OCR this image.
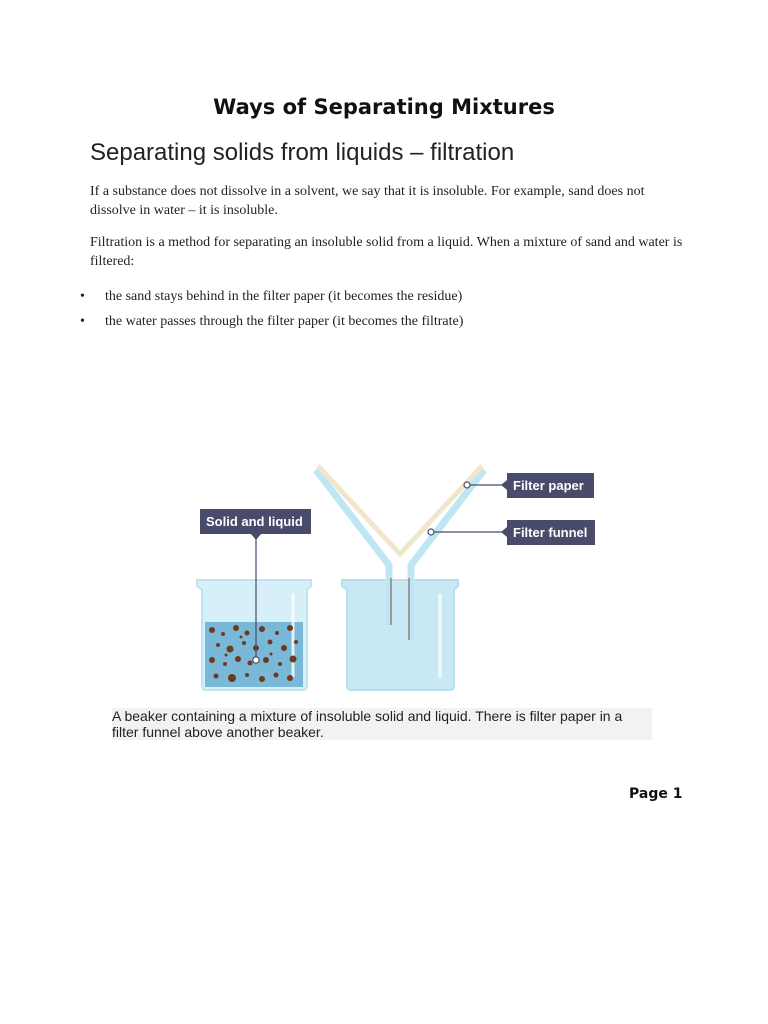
Ways of Separating Mixtures
Separating solids from liquids – filtration

If a substance does not dissolve in a solvent, we say that it is insoluble. For example, sand does not dissolve in water – it is insoluble.

Filtration is a method for separating an insoluble solid from a liquid. When a mixture of sand and water is filtered:

• the sand stays behind in the filter paper (it becomes the residue)
• the water passes through the filter paper (it becomes the filtrate)
Solid and liquid
Filter paper
Filter funnel
A beaker containing a mixture of insoluble solid and liquid. There is filter paper in a filter funnel above another beaker.
Page 1
